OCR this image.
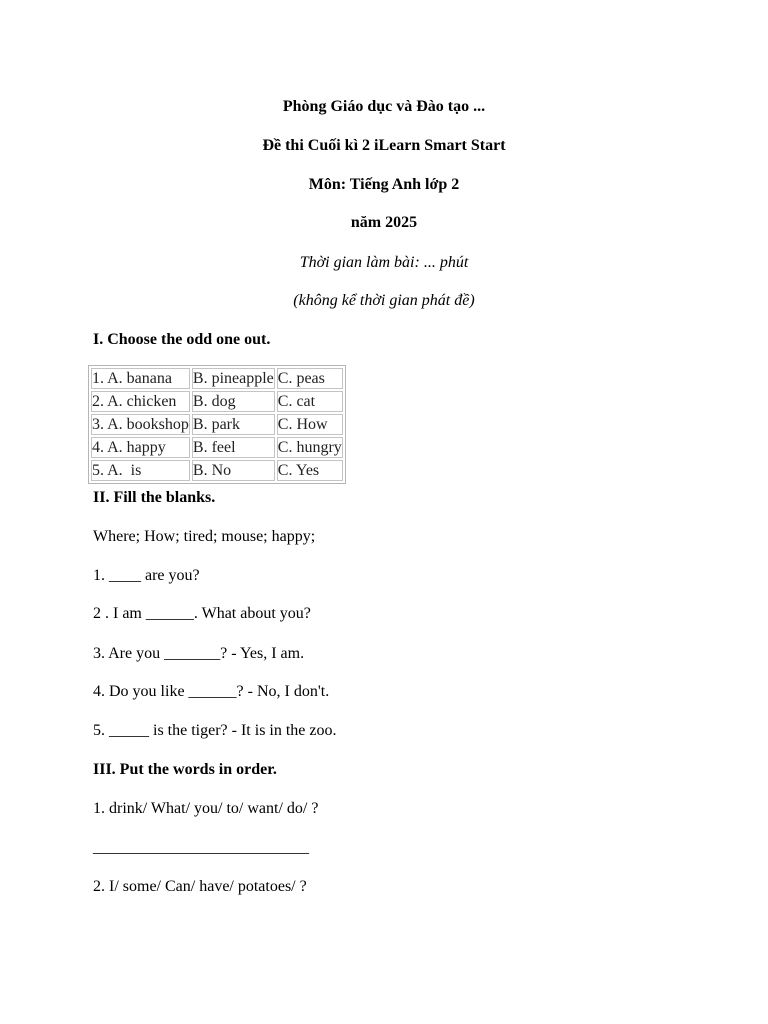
Phòng Giáo dục và Đào tạo ...
Đề thi Cuối kì 2 iLearn Smart Start
Môn: Tiếng Anh lớp 2
năm 2025
Thời gian làm bài: ... phút
(không kể thời gian phát đề)
I. Choose the odd one out.
1. A. banana	B. pineapple	C. peas
2. A. chicken	B. dog	C. cat
3. A. bookshop	B. park	C. How
4. A. happy	B. feel	C. hungry
5. A.  is	B. No	C. Yes
II. Fill the blanks.
Where; How; tired; mouse; happy;
1. ____ are you?
2 . I am ______. What about you?
3. Are you _______? - Yes, I am.
4. Do you like ______? - No, I don't.
5. _____ is the tiger? - It is in the zoo.
III. Put the words in order.
1. drink/ What/ you/ to/ want/ do/ ?
___________________________
2. I/ some/ Can/ have/ potatoes/ ?
